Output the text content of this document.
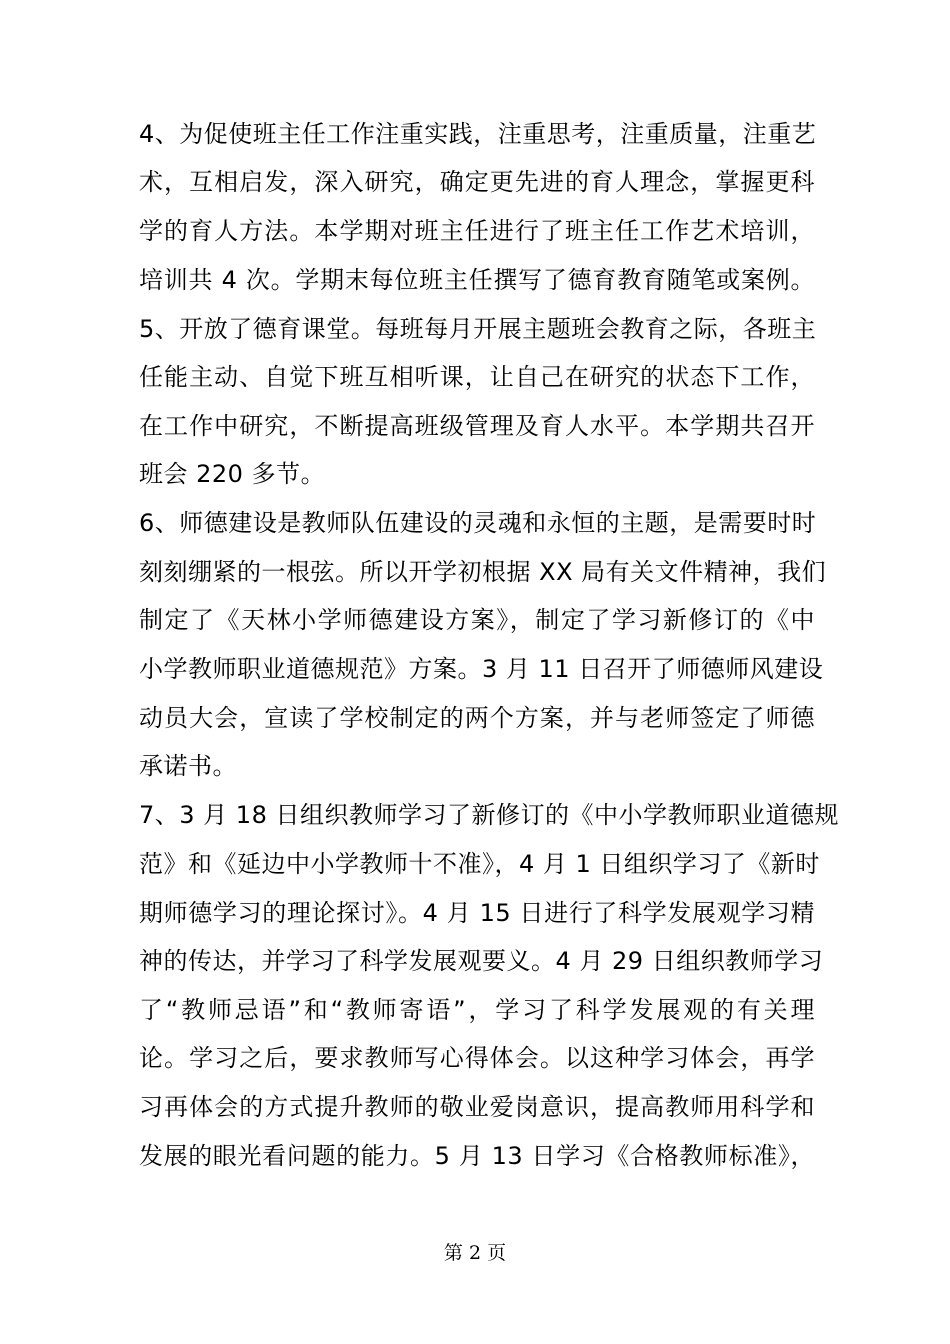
4、为促使班主任工作注重实践，注重思考，注重质量，注重艺
术，互相启发，深入研究，确定更先进的育人理念，掌握更科
学的育人方法。本学期对班主任进行了班主任工作艺术培训，
培训共 4 次。学期末每位班主任撰写了德育教育随笔或案例。
5、开放了德育课堂。每班每月开展主题班会教育之际，各班主
任能主动、自觉下班互相听课，让自己在研究的状态下工作，
在工作中研究，不断提高班级管理及育人水平。本学期共召开
班会 220 多节。
6、师德建设是教师队伍建设的灵魂和永恒的主题，是需要时时
刻刻绷紧的一根弦。所以开学初根据 XX 局有关文件精神，我们
制定了《天林小学师德建设方案》，制定了学习新修订的《中
小学教师职业道德规范》方案。3 月 11 日召开了师德师风建设
动员大会，宣读了学校制定的两个方案，并与老师签定了师德
承诺书。
7、3 月 18 日组织教师学习了新修订的《中小学教师职业道德规
范》和《延边中小学教师十不准》，4 月 1 日组织学习了《新时
期师德学习的理论探讨》。4 月 15 日进行了科学发展观学习精
神的传达，并学习了科学发展观要义。4 月 29 日组织教师学习
了“教师忌语”和“教师寄语”，学习了科学发展观的有关理
论。学习之后，要求教师写心得体会。以这种学习体会，再学
习再体会的方式提升教师的敬业爱岗意识，提高教师用科学和
发展的眼光看问题的能力。5 月 13 日学习《合格教师标准》，
第 2 页
